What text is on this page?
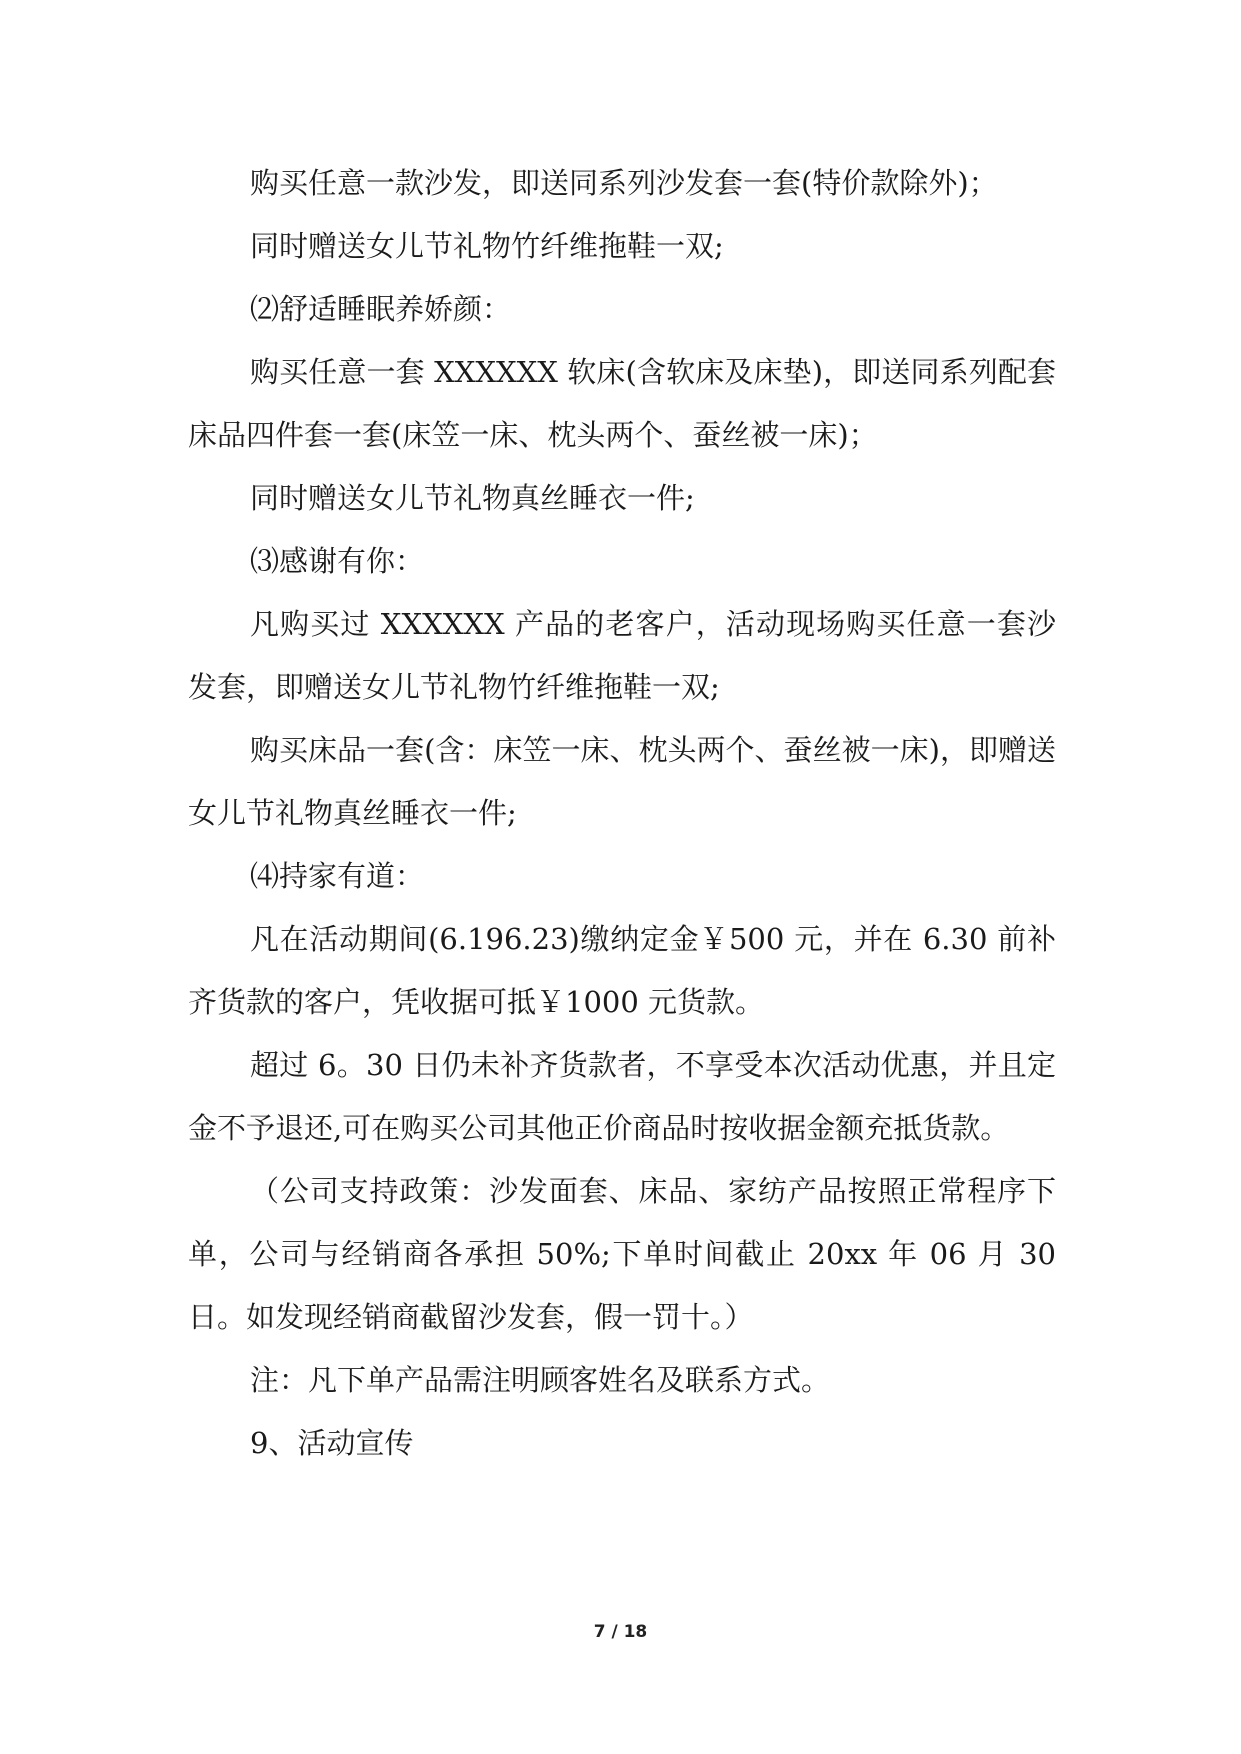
购买任意一款沙发，即送同系列沙发套一套(特价款除外)；

同时赠送女儿节礼物竹纤维拖鞋一双;

⑵舒适睡眠养娇颜：

购买任意一套 XXXXXX 软床(含软床及床垫)，即送同系列配套床品四件套一套(床笠一床、枕头两个、蚕丝被一床)；

同时赠送女儿节礼物真丝睡衣一件;

⑶感谢有你：

凡购买过 XXXXXX 产品的老客户，活动现场购买任意一套沙发套，即赠送女儿节礼物竹纤维拖鞋一双;

购买床品一套(含：床笠一床、枕头两个、蚕丝被一床)，即赠送女儿节礼物真丝睡衣一件;

⑷持家有道：

凡在活动期间(6.196.23)缴纳定金￥500 元，并在 6.30 前补齐货款的客户，凭收据可抵￥1000 元货款。

超过 6。30 日仍未补齐货款者，不享受本次活动优惠，并且定金不予退还,可在购买公司其他正价商品时按收据金额充抵货款。

（公司支持政策：沙发面套、床品、家纺产品按照正常程序下单，公司与经销商各承担 50%;下单时间截止 20xx 年 06 月 30日。如发现经销商截留沙发套，假一罚十。）

注：凡下单产品需注明顾客姓名及联系方式。

9、活动宣传

7 / 18
